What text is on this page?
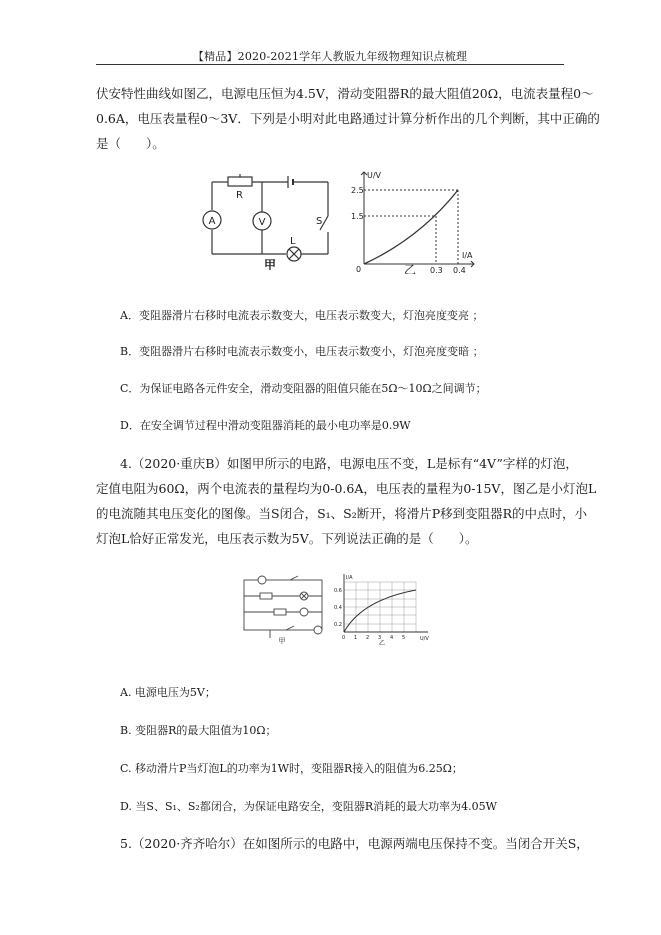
【精品】2020-2021学年人教版九年级物理知识点梳理
伏安特性曲线如图乙，电源电压恒为4.5V，滑动变阻器R的最大阻值20Ω，电流表量程0～
0.6A，电压表量程0～3V．下列是小明对此电路通过计算分析作出的几个判断，其中正确的
是（　　）。
A	V
R
L
S
甲
U/V
I/A
0
2.5
1.5
0.3 0.4
乙
A．变阻器滑片右移时电流表示数变大，电压表示数变大，灯泡亮度变亮 ；
B．变阻器滑片右移时电流表示数变小，电压表示数变小，灯泡亮度变暗 ；
C．为保证电路各元件安全，滑动变阻器的阻值只能在5Ω～10Ω之间调节；
D．在安全调节过程中滑动变阻器消耗的最小电功率是0.9W
4.（2020·重庆B）如图甲所示的电路，电源电压不变，L是标有“4V”字样的灯泡，
定值电阻为60Ω，两个电流表的量程均为0-0.6A，电压表的量程为0-15V，图乙是小灯泡L
的电流随其电压变化的图像。当S闭合，S₁、S₂断开，将滑片P移到变阻器R的中点时，小
灯泡L恰好正常发光，电压表示数为5V。下列说法正确的是（　　）。
甲
I/A
U/V
0.6
0.4
0.2
0 1 2 3 4 5
乙
A. 电源电压为5V；
B. 变阻器R的最大阻值为10Ω；
C. 移动滑片P当灯泡L的功率为1W时，变阻器R接入的阻值为6.25Ω；
D. 当S、S₁、S₂都闭合，为保证电路安全，变阻器R消耗的最大功率为4.05W
5.（2020·齐齐哈尔）在如图所示的电路中，电源两端电压保持不变。当闭合开关S，
